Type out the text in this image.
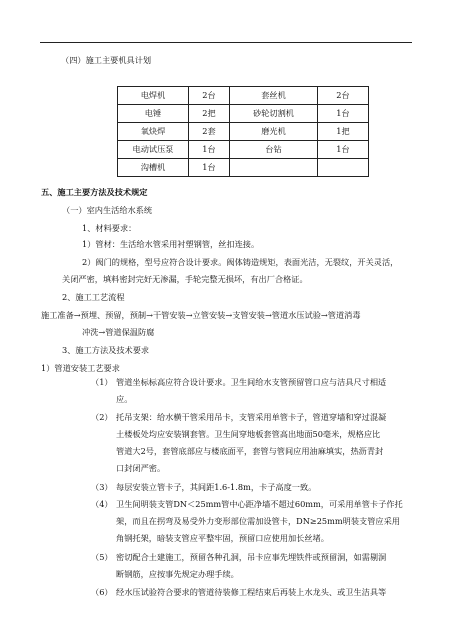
（四）施工主要机具计划
电焊机	2台	套丝机	2台
电锤	2把	砂轮切割机	1台
氧炔焊	2套	磨光机	1把
电动试压泵	1台	台钻	1台
沟槽机	1台		
五、施工主要方法及技术规定
（一）室内生活给水系统
1、材料要求：
1）管材：生活给水管采用衬塑钢管，丝扣连接。
2）阀门的规格，型号应符合设计要求。阀体铸造规矩，表面光洁，无裂纹，开关灵活，
关闭严密，填料密封完好无渗漏，手轮完整无损坏，有出厂合格证。
2、施工工艺流程
施工准备→预埋、预留，预制→干管安装→立管安装→支管安装→管道水压试验→管道消毒
冲洗→管道保温防腐
3、施工方法及技术要求
1）管道安装工艺要求
（1） 管道坐标标高应符合设计要求。卫生间给水支管预留管口应与洁具尺寸相适
应。
（2） 托吊支架：给水横干管采用吊卡，支管采用单管卡子，管道穿墙和穿过混凝
土楼板处均应安装钢套管。卫生间穿地板套管高出地面50毫米，规格应比
管道大2号，套管底部应与楼底面平，套管与管间应用油麻填实，热沥青封
口封闭严密。
（3） 每层安装立管卡子，其间距1.6-1.8m，卡子高度一致。
（4） 卫生间明装支管DN＜25mm管中心距净墙不超过60mm，可采用单管卡子作托
架，而且在拐弯及易受外力变形部位需加设管卡，DN≥25mm明装支管应采用
角钢托架，暗装支管应平整牢固，预留口应使用加长丝堵。
（5） 密切配合土建施工，预留各种孔洞，吊卡应事先埋铁件或预留洞，如需剔洞
断钢筋，应按事先规定办理手续。
（6） 经水压试验符合要求的管道待装修工程结束后再装上水龙头、或卫生洁具等
